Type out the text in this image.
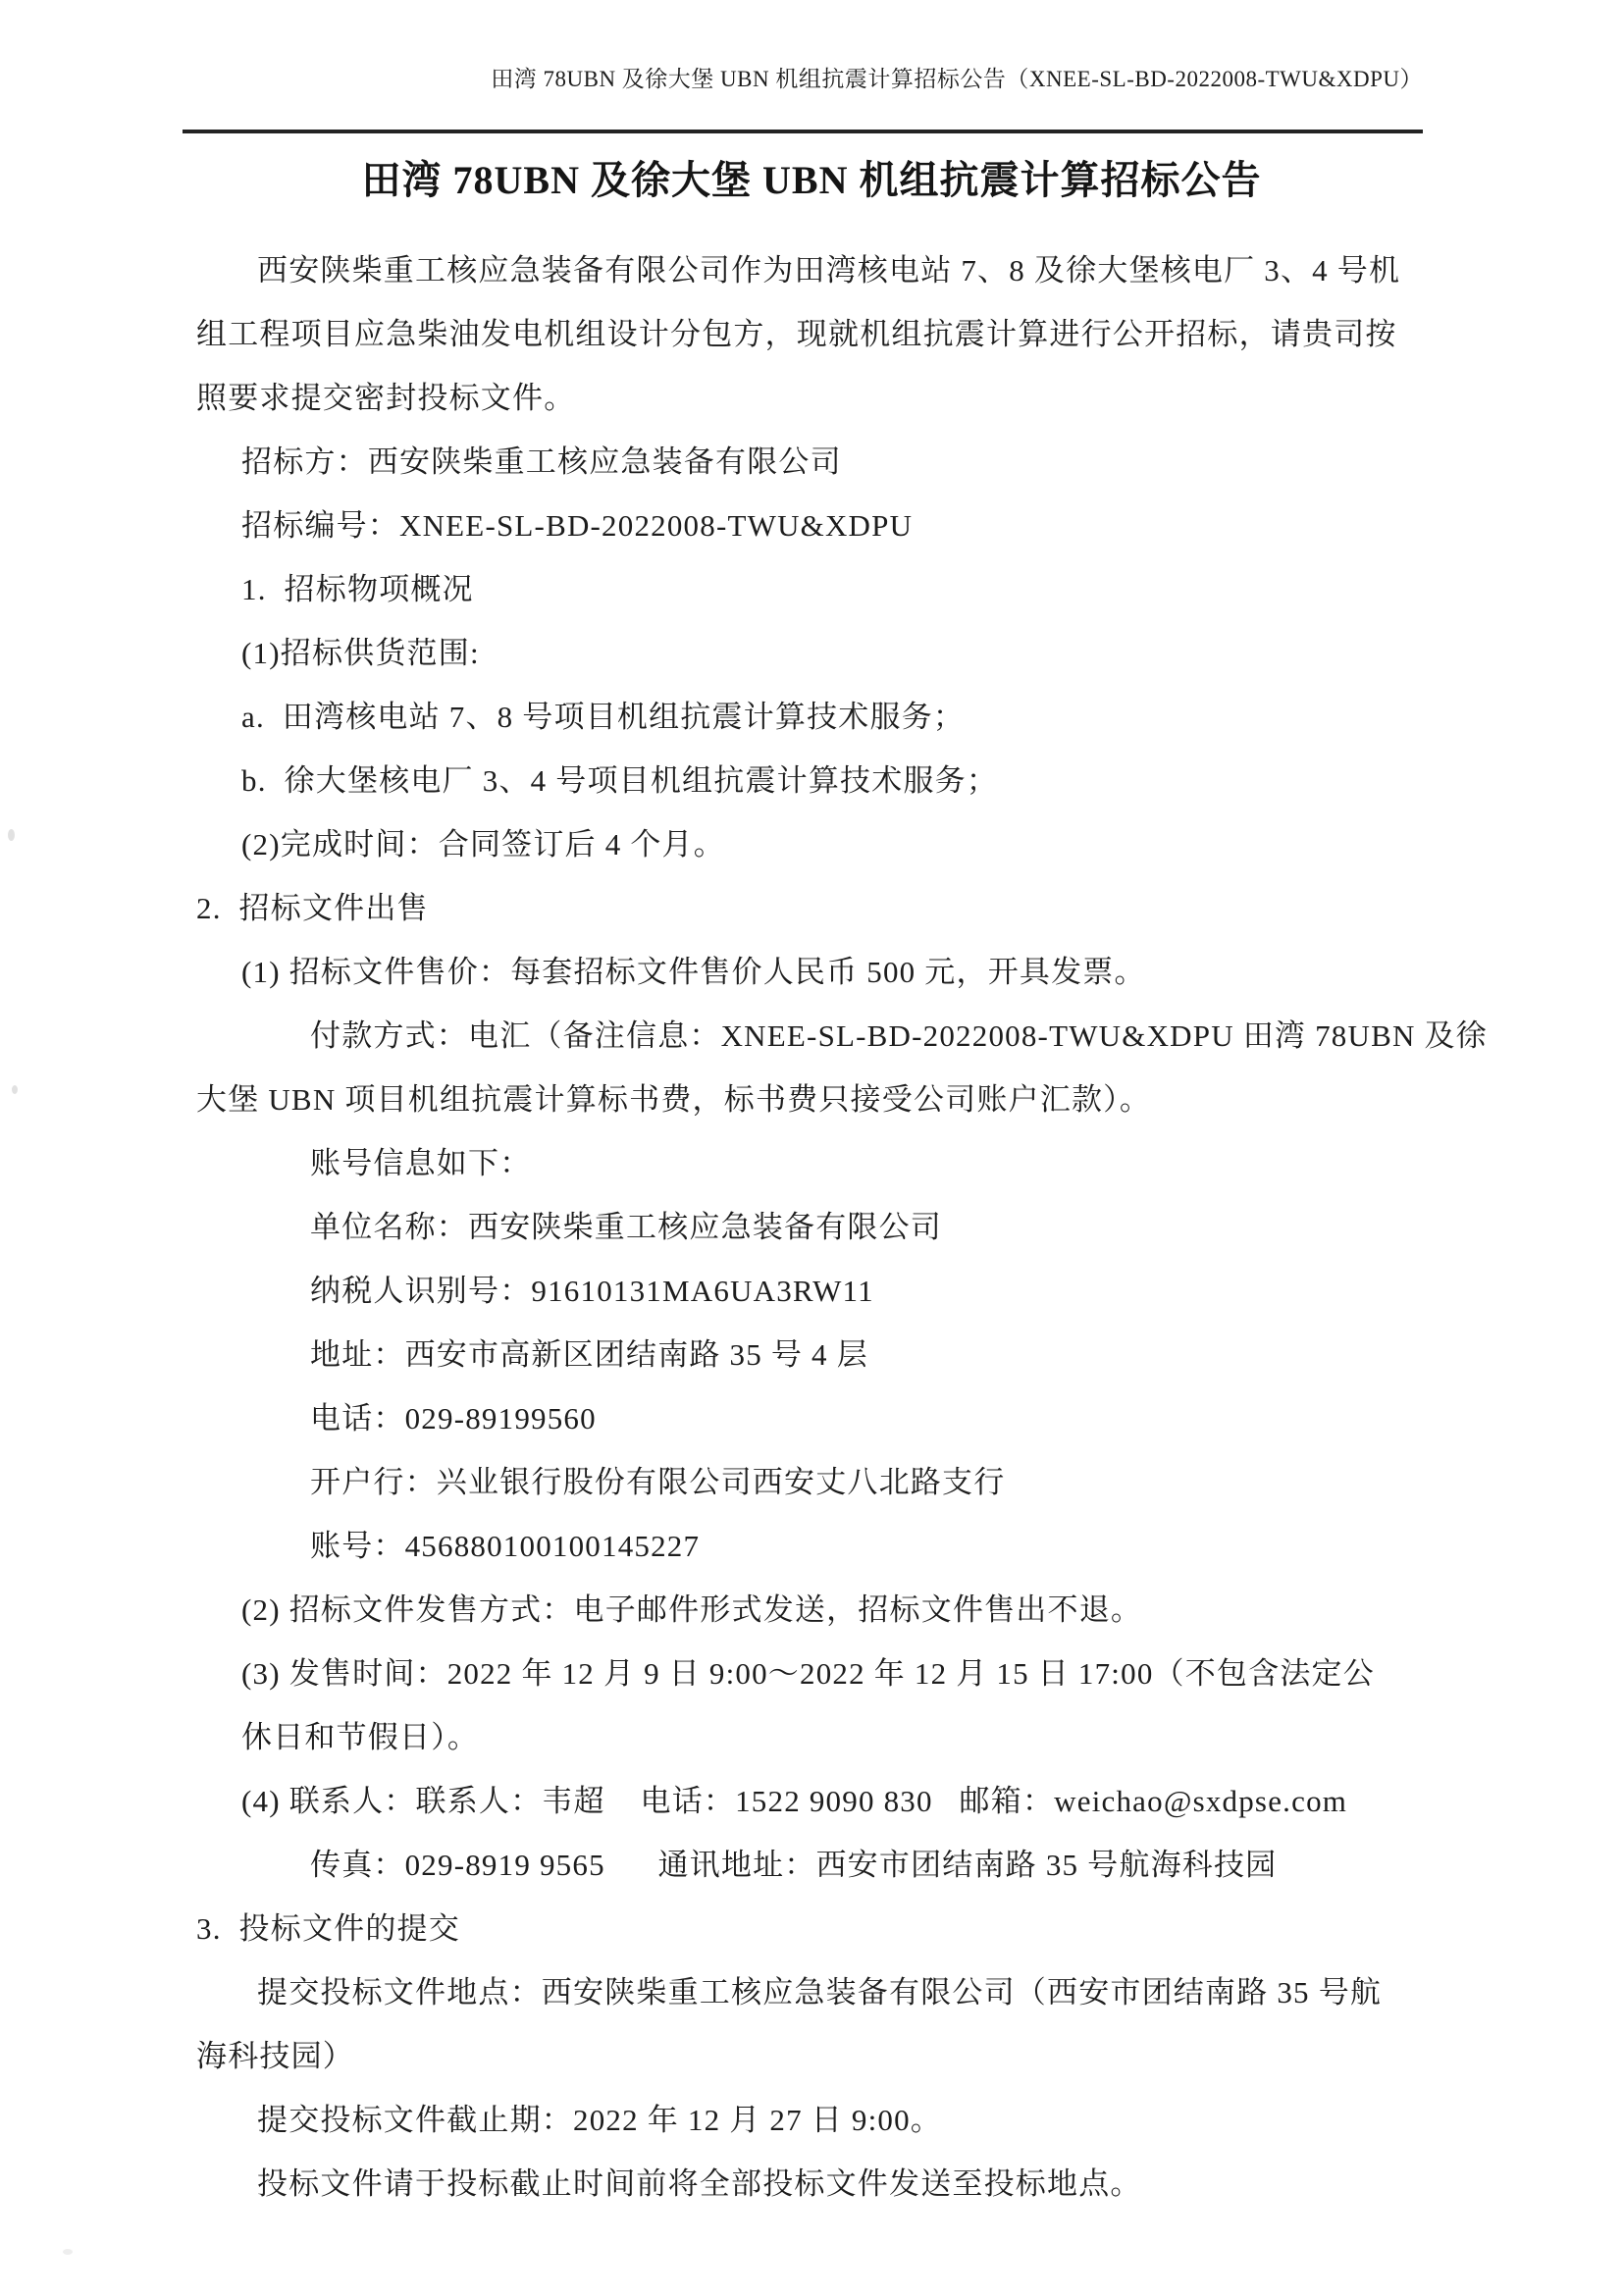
田湾 78UBN 及徐大堡 UBN 机组抗震计算招标公告（XNEE-SL-BD-2022008-TWU&XDPU）
田湾 78UBN 及徐大堡 UBN 机组抗震计算招标公告
西安陕柴重工核应急装备有限公司作为田湾核电站 7、8 及徐大堡核电厂 3、4 号机
组工程项目应急柴油发电机组设计分包方，现就机组抗震计算进行公开招标，请贵司按
照要求提交密封投标文件。
招标方：西安陕柴重工核应急装备有限公司
招标编号：XNEE-SL-BD-2022008-TWU&XDPU
1.  招标物项概况
(1)招标供货范围:
a.  田湾核电站 7、8 号项目机组抗震计算技术服务；
b.  徐大堡核电厂 3、4 号项目机组抗震计算技术服务；
(2)完成时间：合同签订后 4 个月。
2.  招标文件出售
(1) 招标文件售价：每套招标文件售价人民币 500 元，开具发票。
付款方式：电汇（备注信息：XNEE-SL-BD-2022008-TWU&XDPU 田湾 78UBN 及徐
大堡 UBN 项目机组抗震计算标书费，标书费只接受公司账户汇款）。
账号信息如下：
单位名称：西安陕柴重工核应急装备有限公司
纳税人识别号：91610131MA6UA3RW11
地址：西安市高新区团结南路 35 号 4 层
电话：029-89199560
开户行：兴业银行股份有限公司西安丈八北路支行
账号：456880100100145227
(2) 招标文件发售方式：电子邮件形式发送，招标文件售出不退。
(3) 发售时间：2022 年 12 月 9 日 9:00～2022 年 12 月 15 日 17:00（不包含法定公
休日和节假日）。
(4) 联系人：联系人：韦超    电话：1522 9090 830   邮箱：weichao@sxdpse.com
传真：029-8919 9565      通讯地址：西安市团结南路 35 号航海科技园
3.  投标文件的提交
提交投标文件地点：西安陕柴重工核应急装备有限公司（西安市团结南路 35 号航
海科技园）
提交投标文件截止期：2022 年 12 月 27 日 9:00。
投标文件请于投标截止时间前将全部投标文件发送至投标地点。
